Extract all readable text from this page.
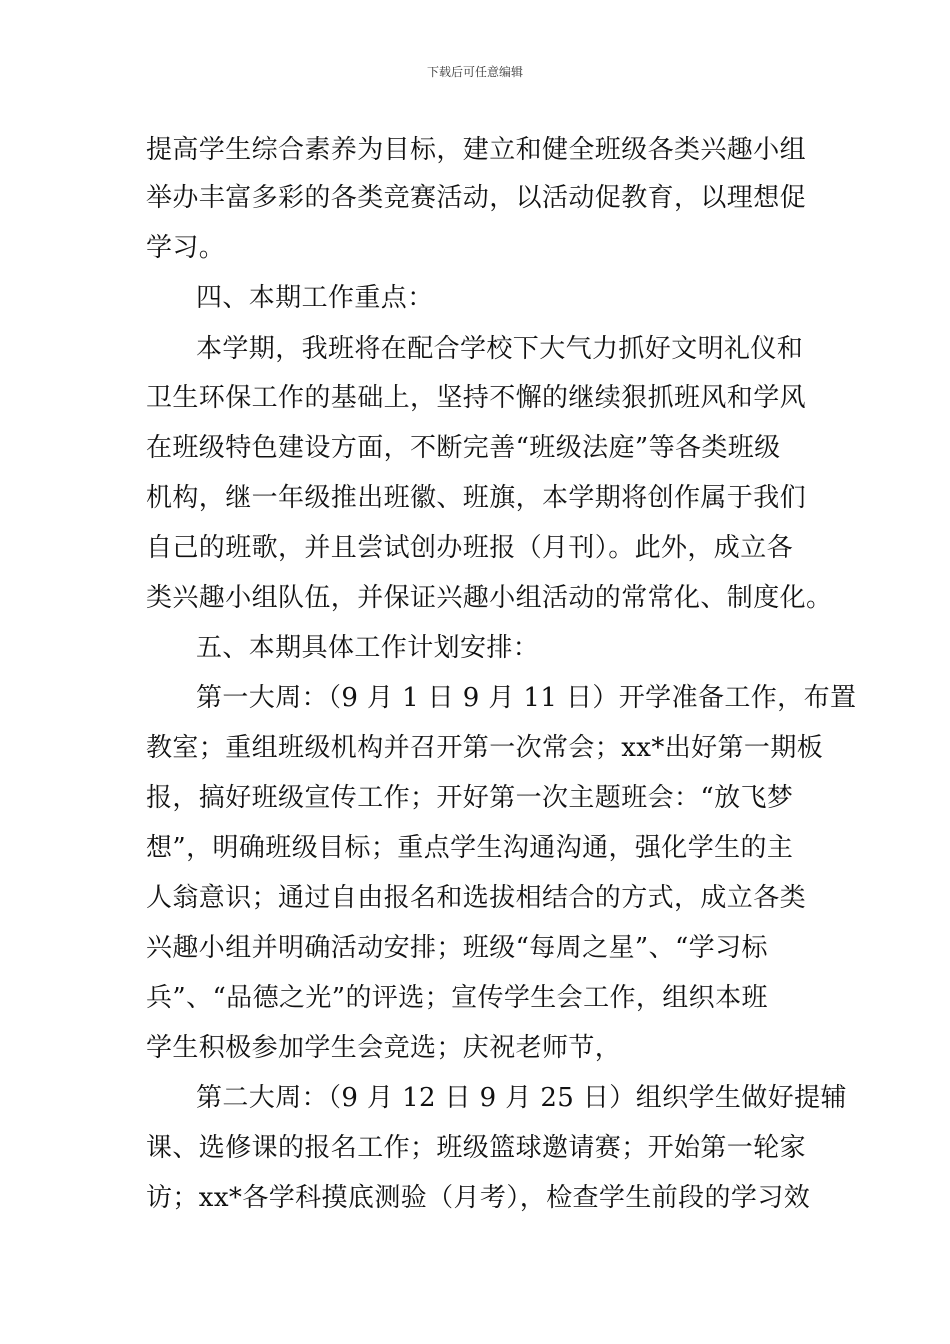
下载后可任意编辑
提高学生综合素养为目标，建立和健全班级各类兴趣小组
举办丰富多彩的各类竞赛活动，以活动促教育，以理想促
学习。
四、本期工作重点：
本学期，我班将在配合学校下大气力抓好文明礼仪和
卫生环保工作的基础上，坚持不懈的继续狠抓班风和学风
在班级特色建设方面，不断完善“班级法庭”等各类班级
机构，继一年级推出班徽、班旗，本学期将创作属于我们
自己的班歌，并且尝试创办班报（月刊）。此外，成立各
类兴趣小组队伍，并保证兴趣小组活动的常常化、制度化。
五、本期具体工作计划安排：
第一大周：（9 月 1 日 9 月 11 日）开学准备工作，布置
教室；重组班级机构并召开第一次常会；xx*出好第一期板
报，搞好班级宣传工作；开好第一次主题班会：“放飞梦
想”，明确班级目标；重点学生沟通沟通，强化学生的主
人翁意识；通过自由报名和选拔相结合的方式，成立各类
兴趣小组并明确活动安排；班级“每周之星”、“学习标
兵”、“品德之光”的评选；宣传学生会工作，组织本班
学生积极参加学生会竞选；庆祝老师节，
第二大周：（9 月 12 日 9 月 25 日）组织学生做好提辅
课、选修课的报名工作；班级篮球邀请赛；开始第一轮家
访；xx*各学科摸底测验（月考），检查学生前段的学习效
